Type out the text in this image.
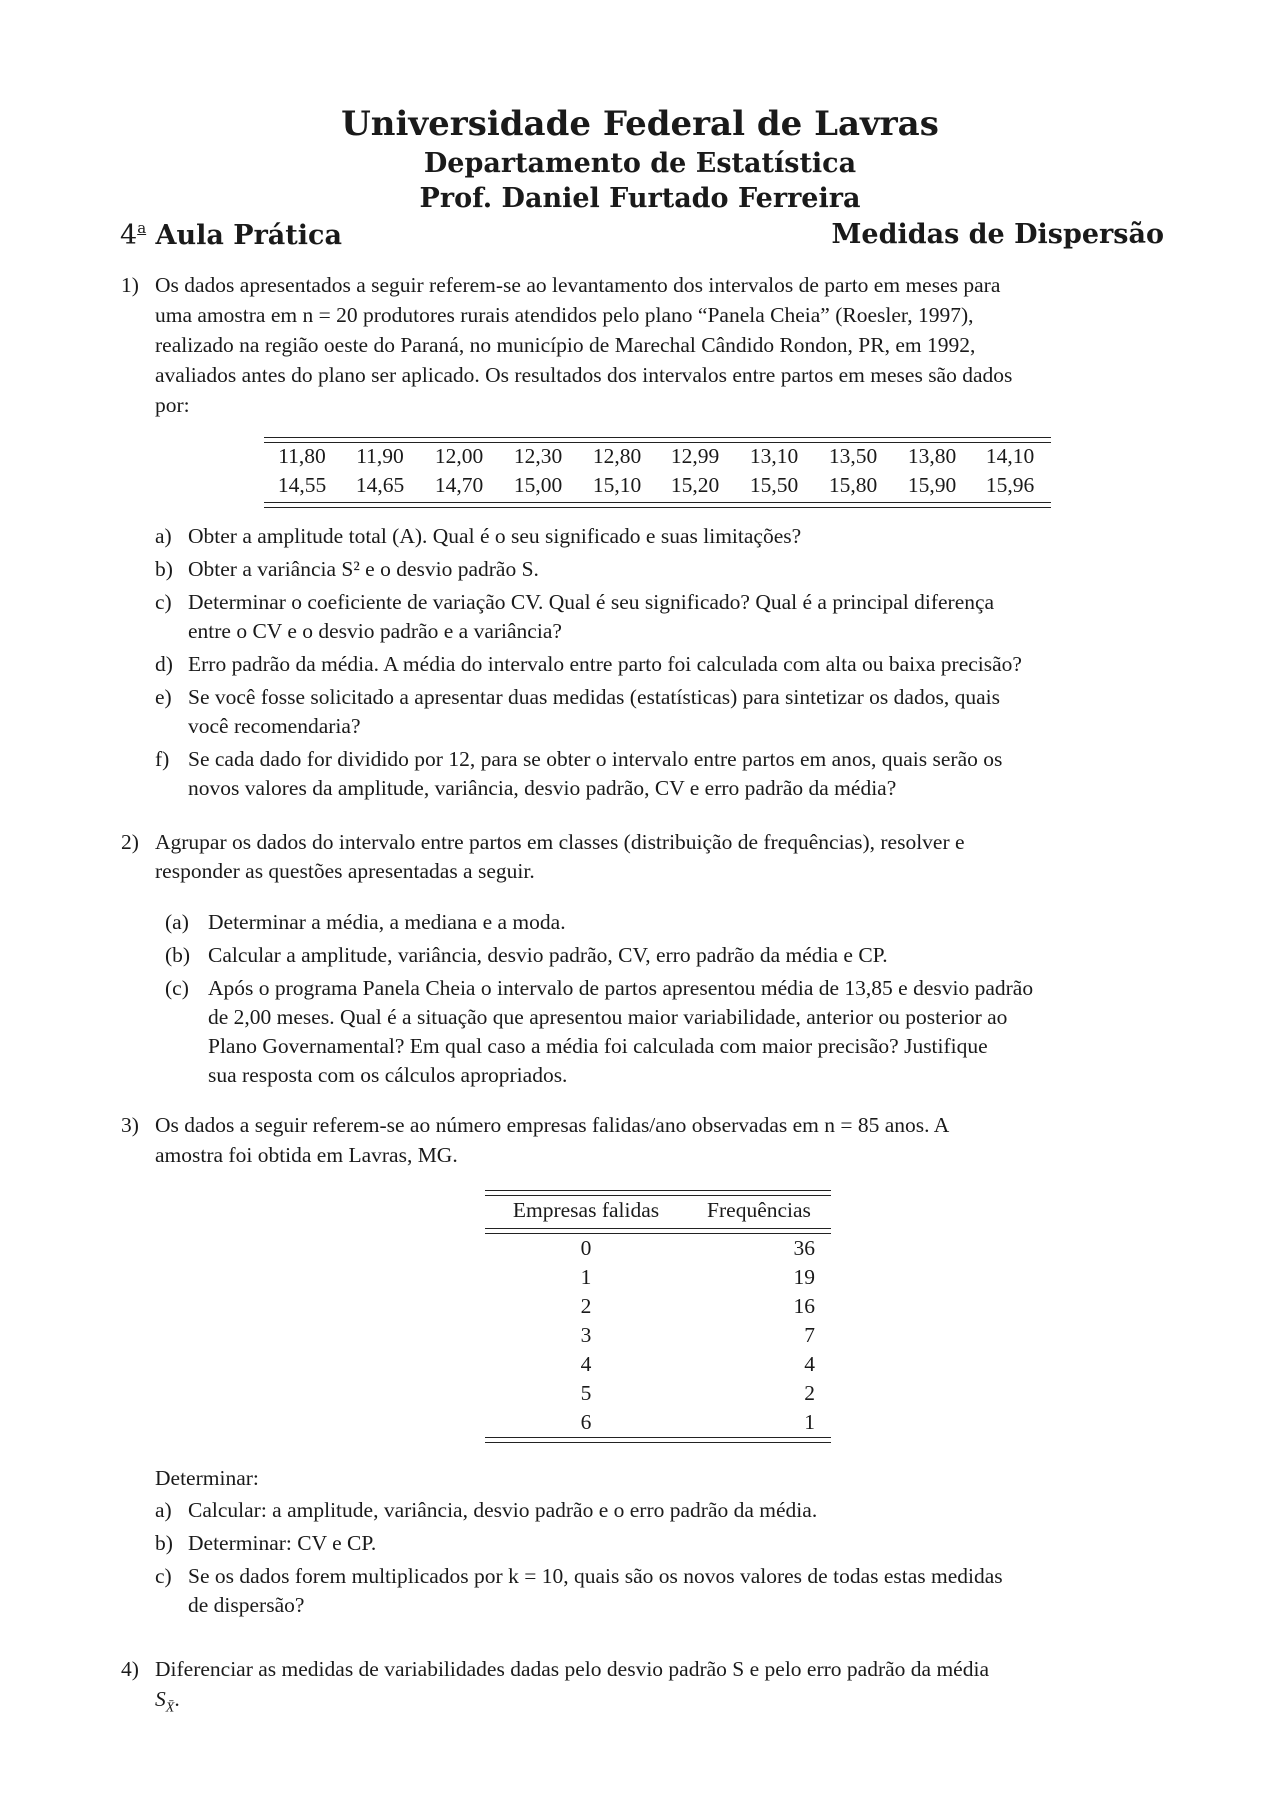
Universidade Federal de Lavras
Departamento de Estatística
Prof. Daniel Furtado Ferreira
4$^a$ Aula Prática	Medidas de Dispersão
1) Os dados apresentados a seguir referem-se ao levantamento dos intervalos de parto em meses para
uma amostra em n = 20 produtores rurais atendidos pelo plano “Panela Cheia” (Roesler, 1997),
realizado na região oeste do Paraná, no município de Marechal Cândido Rondon, PR, em 1992,
avaliados antes do plano ser aplicado. Os resultados dos intervalos entre partos em meses são dados
por:
11,80	11,90	12,00	12,30	12,80	12,99	13,10	13,50	13,80	14,10
14,55	14,65	14,70	15,00	15,10	15,20	15,50	15,80	15,90	15,96
a) Obter a amplitude total (A). Qual é o seu significado e suas limitações?
b) Obter a variância S² e o desvio padrão S.
c) Determinar o coeficiente de variação CV. Qual é seu significado? Qual é a principal diferença
entre o CV e o desvio padrão e a variância?
d) Erro padrão da média. A média do intervalo entre parto foi calculada com alta ou baixa precisão?
e) Se você fosse solicitado a apresentar duas medidas (estatísticas) para sintetizar os dados, quais
você recomendaria?
f) Se cada dado for dividido por 12, para se obter o intervalo entre partos em anos, quais serão os
novos valores da amplitude, variância, desvio padrão, CV e erro padrão da média?
2) Agrupar os dados do intervalo entre partos em classes (distribuição de frequências), resolver e
responder as questões apresentadas a seguir.
(a) Determinar a média, a mediana e a moda.
(b) Calcular a amplitude, variância, desvio padrão, CV, erro padrão da média e CP.
(c) Após o programa Panela Cheia o intervalo de partos apresentou média de 13,85 e desvio padrão
de 2,00 meses. Qual é a situação que apresentou maior variabilidade, anterior ou posterior ao
Plano Governamental? Em qual caso a média foi calculada com maior precisão? Justifique
sua resposta com os cálculos apropriados.
3) Os dados a seguir referem-se ao número empresas falidas/ano observadas em n = 85 anos. A
amostra foi obtida em Lavras, MG.
Empresas falidas	Frequências
0	36
1	19
2	16
3	7
4	4
5	2
6	1
Determinar:
a) Calcular: a amplitude, variância, desvio padrão e o erro padrão da média.
b) Determinar: CV e CP.
c) Se os dados forem multiplicados por k = 10, quais são os novos valores de todas estas medidas
de dispersão?
4) Diferenciar as medidas de variabilidades dadas pelo desvio padrão S e pelo erro padrão da média
$S_{X̄}$.
